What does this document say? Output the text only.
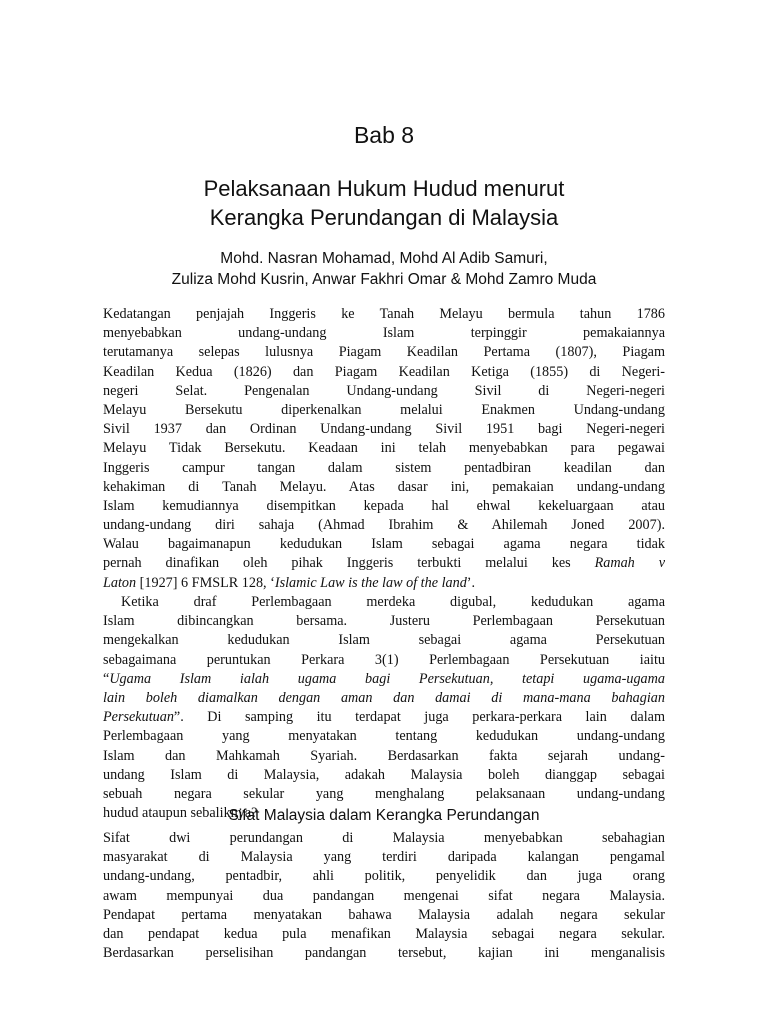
Bab 8
Pelaksanaan Hukum Hudud menurut
Kerangka Perundangan di Malaysia
Mohd. Nasran Mohamad, Mohd Al Adib Samuri,
Zuliza Mohd Kusrin, Anwar Fakhri Omar & Mohd Zamro Muda
Kedatangan penjajah Inggeris ke Tanah Melayu bermula tahun 1786
menyebabkan undang-undang Islam terpinggir pemakaiannya
terutamanya selepas lulusnya Piagam Keadilan Pertama (1807), Piagam
Keadilan Kedua (1826) dan Piagam Keadilan Ketiga (1855) di Negeri-
negeri Selat. Pengenalan Undang-undang Sivil di Negeri-negeri
Melayu Bersekutu diperkenalkan melalui Enakmen Undang-undang
Sivil 1937 dan Ordinan Undang-undang Sivil 1951 bagi Negeri-negeri
Melayu Tidak Bersekutu. Keadaan ini telah menyebabkan para pegawai
Inggeris campur tangan dalam sistem pentadbiran keadilan dan
kehakiman di Tanah Melayu. Atas dasar ini, pemakaian undang-undang
Islam kemudiannya disempitkan kepada hal ehwal kekeluargaan atau
undang-undang diri sahaja (Ahmad Ibrahim & Ahilemah Joned 2007).
Walau bagaimanapun kedudukan Islam sebagai agama negara tidak
pernah dinafikan oleh pihak Inggeris terbukti melalui kes Ramah v
Laton [1927] 6 FMSLR 128, ‘Islamic Law is the law of the land’.
Ketika draf Perlembagaan merdeka digubal, kedudukan agama
Islam dibincangkan bersama. Justeru Perlembagaan Persekutuan
mengekalkan kedudukan Islam sebagai agama Persekutuan
sebagaimana peruntukan Perkara 3(1) Perlembagaan Persekutuan iaitu
“Ugama Islam ialah ugama bagi Persekutuan, tetapi ugama-ugama
lain boleh diamalkan dengan aman dan damai di mana-mana bahagian
Persekutuan”. Di samping itu terdapat juga perkara-perkara lain dalam
Perlembagaan yang menyatakan tentang kedudukan undang-undang
Islam dan Mahkamah Syariah. Berdasarkan fakta sejarah undang-
undang Islam di Malaysia, adakah Malaysia boleh dianggap sebagai
sebuah negara sekular yang menghalang pelaksanaan undang-undang
hudud ataupun sebaliknya?
Sifat Malaysia dalam Kerangka Perundangan
Sifat dwi perundangan di Malaysia menyebabkan sebahagian
masyarakat di Malaysia yang terdiri daripada kalangan pengamal
undang-undang, pentadbir, ahli politik, penyelidik dan juga orang
awam mempunyai dua pandangan mengenai sifat negara Malaysia.
Pendapat pertama menyatakan bahawa Malaysia adalah negara sekular
dan pendapat kedua pula menafikan Malaysia sebagai negara sekular.
Berdasarkan perselisihan pandangan tersebut, kajian ini menganalisis
